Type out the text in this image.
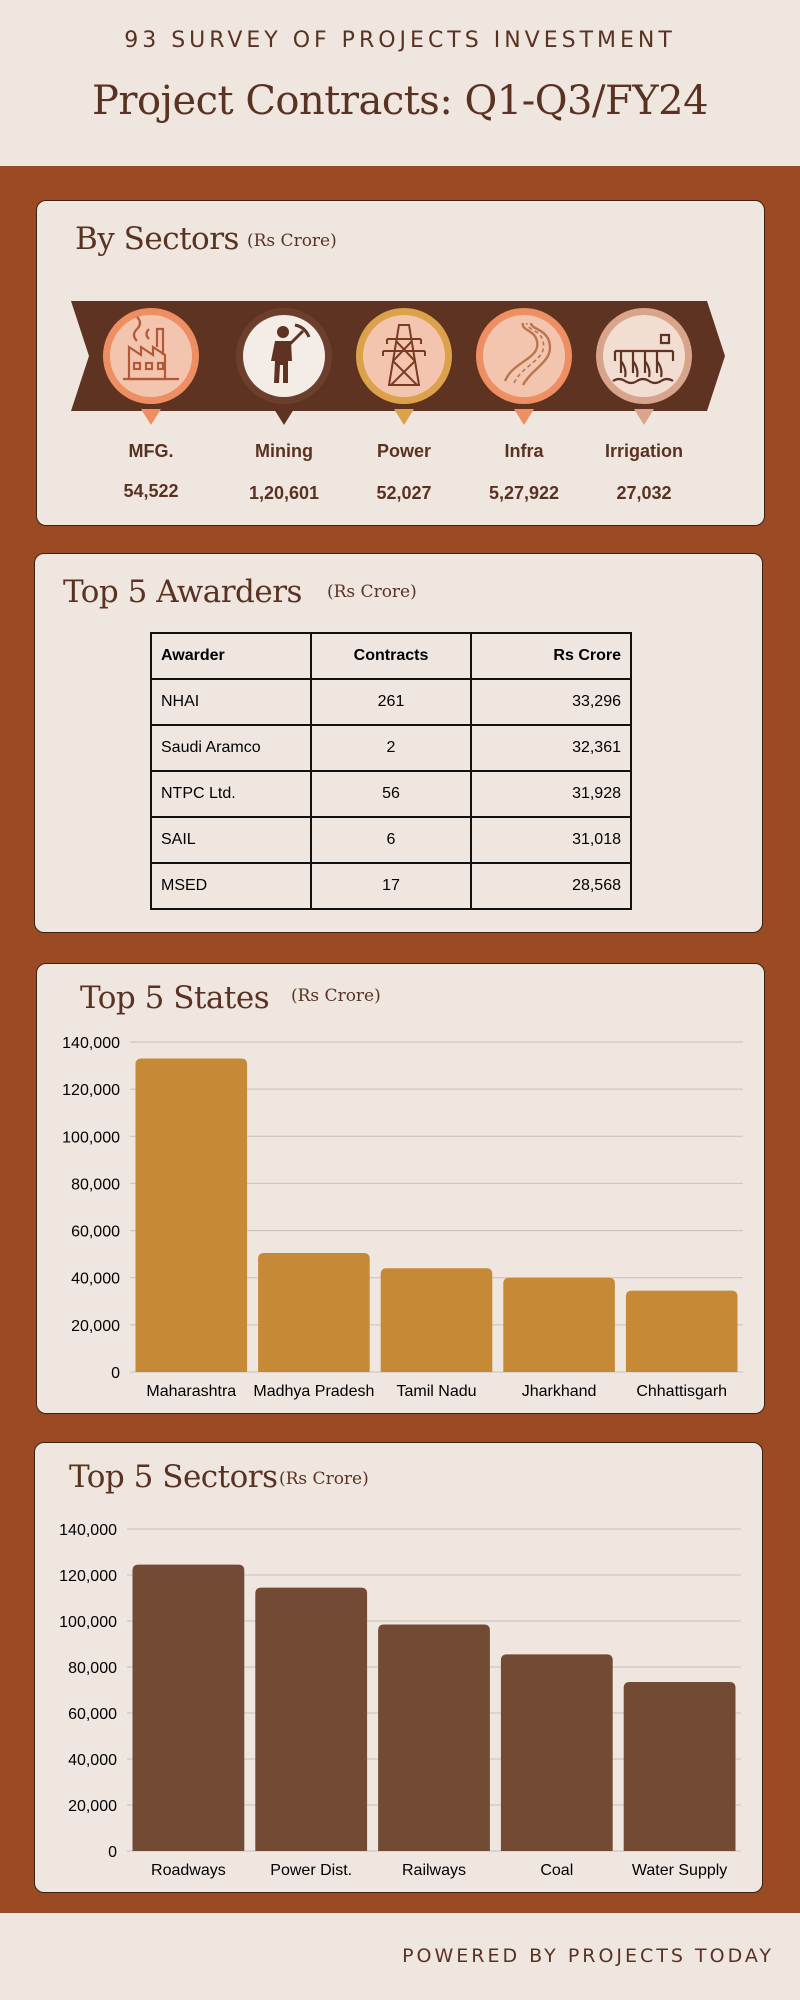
93 SURVEY OF PROJECTS INVESTMENT
Project Contracts: Q1-Q3/FY24
By Sectors (Rs Crore)
MFG.
54,522
Mining
1,20,601
Power
52,027
Infra
5,27,922
Irrigation
27,032
Top 5 Awarders (Rs Crore)
Awarder	Contracts	Rs Crore
NHAI	261	33,296
Saudi Aramco	2	32,361
NTPC Ltd.	56	31,928
SAIL	6	31,018
MSED	17	28,568
Top 5 States (Rs Crore)
0
20,000
40,000
60,000
80,000
100,000
120,000
140,000
Maharashtra Madhya Pradesh Tamil Nadu	Jharkhand Chhattisgarh
Top 5 Sectors (Rs Crore)
0
20,000
40,000
60,000
80,000
100,000
120,000
140,000
Roadways	Power Dist.	Railways	Coal	Water Supply
POWERED BY PROJECTS TODAY
